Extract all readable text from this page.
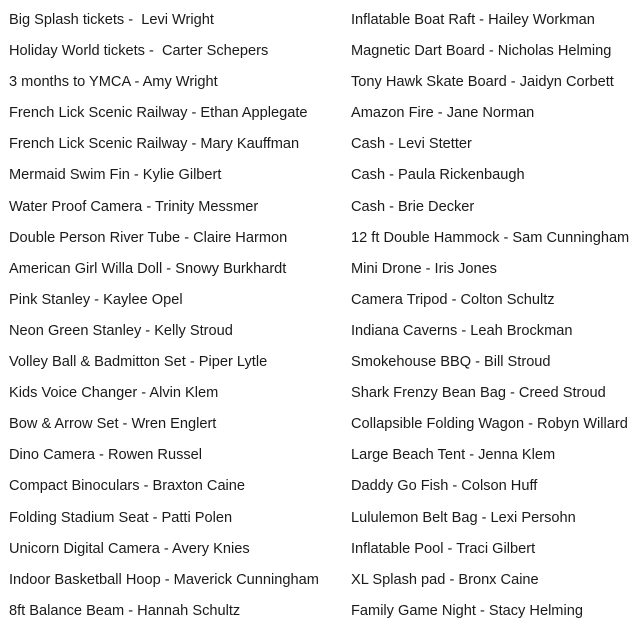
Big Splash tickets -  Levi Wright
Holiday World tickets -  Carter Schepers
3 months to YMCA - Amy Wright
French Lick Scenic Railway - Ethan Applegate
French Lick Scenic Railway - Mary Kauffman
Mermaid Swim Fin - Kylie Gilbert
Water Proof Camera - Trinity Messmer
Double Person River Tube - Claire Harmon
American Girl Willa Doll - Snowy Burkhardt
Pink Stanley - Kaylee Opel
Neon Green Stanley - Kelly Stroud
Volley Ball & Badmitton Set - Piper Lytle
Kids Voice Changer - Alvin Klem
Bow & Arrow Set - Wren Englert
Dino Camera - Rowen Russel
Compact Binoculars - Braxton Caine
Folding Stadium Seat - Patti Polen
Unicorn Digital Camera - Avery Knies
Indoor Basketball Hoop - Maverick Cunningham
8ft Balance Beam - Hannah Schultz
Inflatable Boat Raft - Hailey Workman
Magnetic Dart Board - Nicholas Helming
Tony Hawk Skate Board - Jaidyn Corbett
Amazon Fire - Jane Norman
Cash - Levi Stetter
Cash - Paula Rickenbaugh
Cash - Brie Decker
12 ft Double Hammock - Sam Cunningham
Mini Drone - Iris Jones
Camera Tripod - Colton Schultz
Indiana Caverns - Leah Brockman
Smokehouse BBQ - Bill Stroud
Shark Frenzy Bean Bag - Creed Stroud
Collapsible Folding Wagon - Robyn Willard
Large Beach Tent - Jenna Klem
Daddy Go Fish - Colson Huff
Lululemon Belt Bag - Lexi Persohn
Inflatable Pool - Traci Gilbert
XL Splash pad - Bronx Caine
Family Game Night - Stacy Helming
